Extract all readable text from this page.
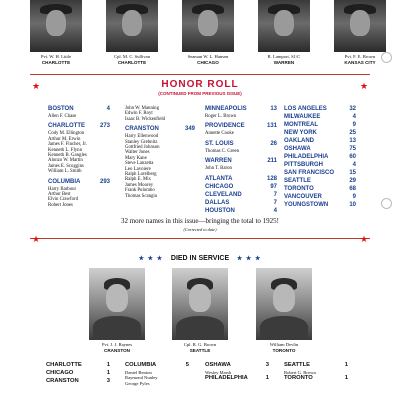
Pvt. W. H. Little
CHARLOTTE
Cpl. M. C. Sullivan
CHARLOTTE
Seaman W. L. Hansen
CHICAGO
R. Lamport, S1/C
WARREN
Pvt. F. E. Brown
KANSAS CITY
★	★
HONOR ROLL
(CONTINUED FROM PREVIOUS ISSUE)
BOSTON	4
Allen F. Chase
CHARLOTTE 273
Cody M. Ellington
Arthur M. Erwin
James F. Fincher, Jr.
Kenneth L. Flynn
Kenneth B. Gangles
Alonzo W. Martin
James E. Scoggins
William L. Smith
COLUMBIA	293
Harry Barbour
Arthur Best
Elvin Crawford
Robert Jones
John W. Manning
Edwin F. Royt
Isaac B. Wickenfield
CRANSTON	349
Harry Ellenwood
Stanley Grebnitz
Gottfried Johnson
Walter Jones
Mary Kane
Steve Lanzetta
Leo Lavoiere
Ralph Lorelberg
Ralph E. Mix
James Moorey
Frank Pulombo
Thomas Scangio
MINNEAPOLIS	13
Roger L. Brown
PROVIDENCE	131
Annette Cooke
ST. LOUIS	26
Thomas C. Green
WARREN	211
John T. Baron
ATLANTA	128
CHICAGO	97
CLEVELAND	7
DALLAS	7
HOUSTON	4
LOS ANGELES	32
MILWAUKEE	4
MONTREAL	9
NEW YORK	25
OAKLAND	13
OSHAWA	75
PHILADELPHIA	60
PITTSBURGH	4
SAN FRANCISCO	15
SEATTLE	29
TORONTO	68
VANCOUVER	9
YOUNGSTOWN	10
32 more names in this issue—bringing the total to 1925!
(Corrected to date)
★	★
★ ★ ★ DIED IN SERVICE ★ ★ ★
Pvt. J. J. Baynes
CRANSTON
Cpl. R. G. Brown
SEATTLE
William Devlin
TORONTO
CHARLOTTE	1
CHICAGO	1
CRANSTON	3
COLUMBIA	5
Daniel Benton
Raymond Nunley
George Pyles
OSHAWA	3
Wesley Marsh
PHILADELPHIA	1
SEATTLE	1
Robert G. Brown
TORONTO	1
